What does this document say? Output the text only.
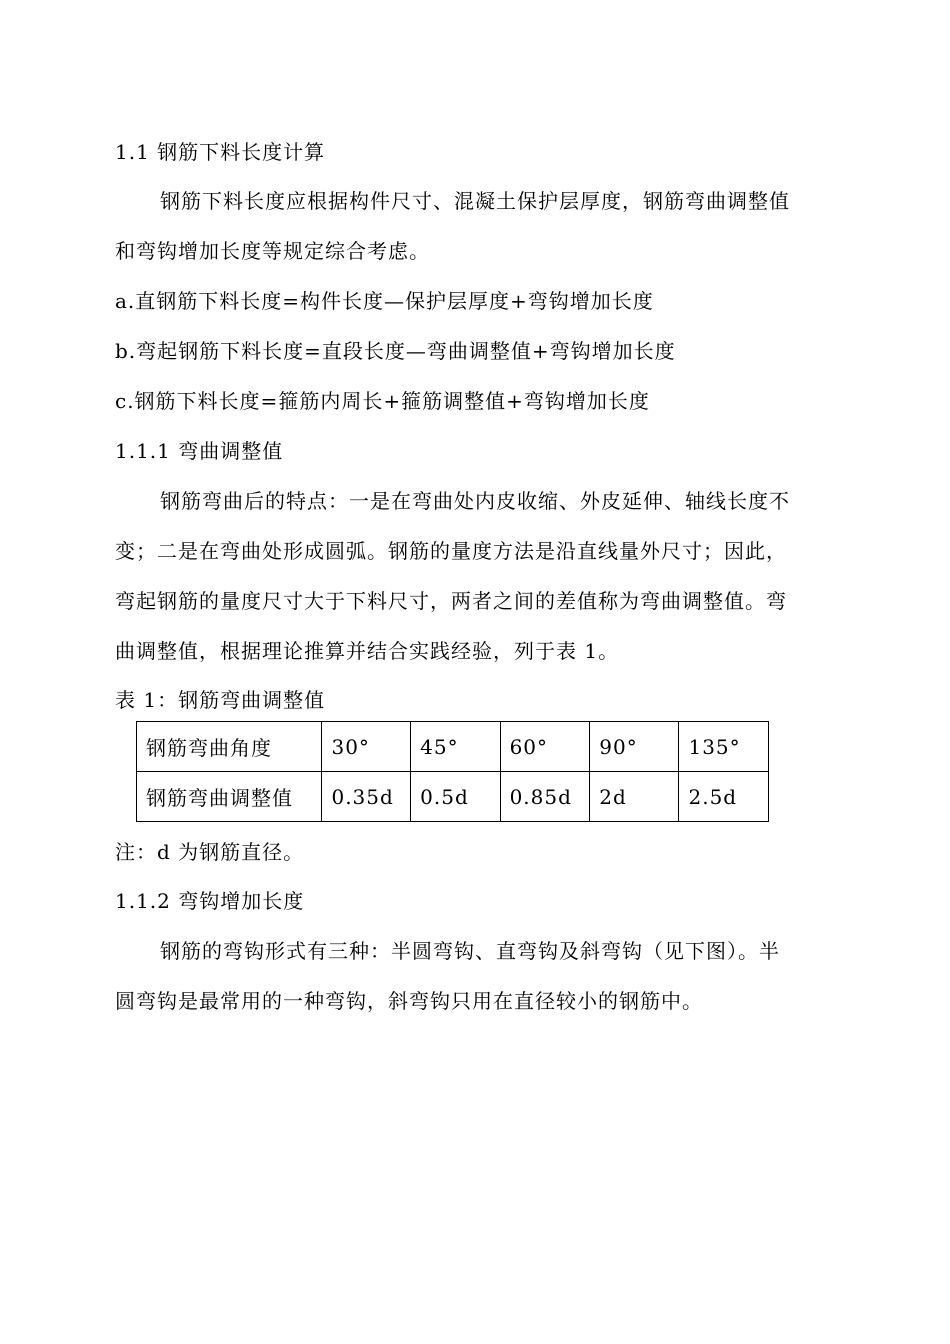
1.1 钢筋下料长度计算
钢筋下料长度应根据构件尺寸、混凝土保护层厚度，钢筋弯曲调整值
和弯钩增加长度等规定综合考虑。
a.直钢筋下料长度=构件长度—保护层厚度+弯钩增加长度
b.弯起钢筋下料长度=直段长度—弯曲调整值+弯钩增加长度
c.钢筋下料长度=箍筋内周长+箍筋调整值+弯钩增加长度
1.1.1 弯曲调整值
钢筋弯曲后的特点：一是在弯曲处内皮收缩、外皮延伸、轴线长度不
变；二是在弯曲处形成圆弧。钢筋的量度方法是沿直线量外尺寸；因此，
弯起钢筋的量度尺寸大于下料尺寸，两者之间的差值称为弯曲调整值。弯
曲调整值，根据理论推算并结合实践经验，列于表 1。
表 1：钢筋弯曲调整值
钢筋弯曲角度	30°	45°	60°	90°	135°
钢筋弯曲调整值	0.35d	0.5d	0.85d	2d	2.5d
注：d 为钢筋直径。
1.1.2 弯钩增加长度
钢筋的弯钩形式有三种：半圆弯钩、直弯钩及斜弯钩（见下图）。半
圆弯钩是最常用的一种弯钩，斜弯钩只用在直径较小的钢筋中。
